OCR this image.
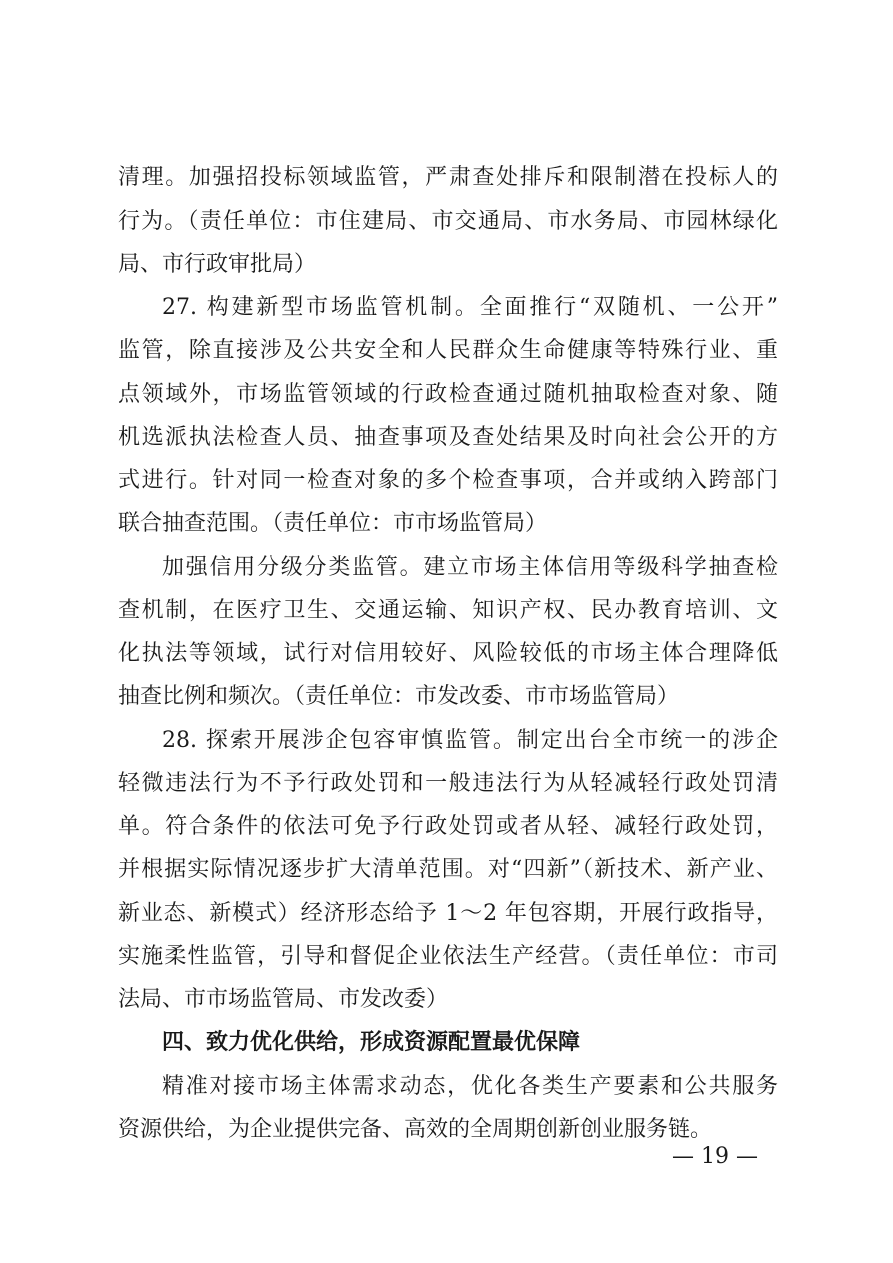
清理。加强招投标领域监管，严肃查处排斥和限制潜在投标人的
行为。（责任单位：市住建局、市交通局、市水务局、市园林绿化
局、市行政审批局）
27. 构建新型市场监管机制。全面推行“双随机、一公开”
监管，除直接涉及公共安全和人民群众生命健康等特殊行业、重
点领域外，市场监管领域的行政检查通过随机抽取检查对象、随
机选派执法检查人员、抽查事项及查处结果及时向社会公开的方
式进行。针对同一检查对象的多个检查事项，合并或纳入跨部门
联合抽查范围。（责任单位：市市场监管局）
加强信用分级分类监管。建立市场主体信用等级科学抽查检
查机制，在医疗卫生、交通运输、知识产权、民办教育培训、文
化执法等领域，试行对信用较好、风险较低的市场主体合理降低
抽查比例和频次。（责任单位：市发改委、市市场监管局）
28. 探索开展涉企包容审慎监管。制定出台全市统一的涉企
轻微违法行为不予行政处罚和一般违法行为从轻减轻行政处罚清
单。符合条件的依法可免予行政处罚或者从轻、减轻行政处罚，
并根据实际情况逐步扩大清单范围。对“四新”（新技术、新产业、
新业态、新模式）经济形态给予 1～2 年包容期，开展行政指导，
实施柔性监管，引导和督促企业依法生产经营。（责任单位：市司
法局、市市场监管局、市发改委）
四、致力优化供给，形成资源配置最优保障
精准对接市场主体需求动态，优化各类生产要素和公共服务
资源供给，为企业提供完备、高效的全周期创新创业服务链。
— 19 —
